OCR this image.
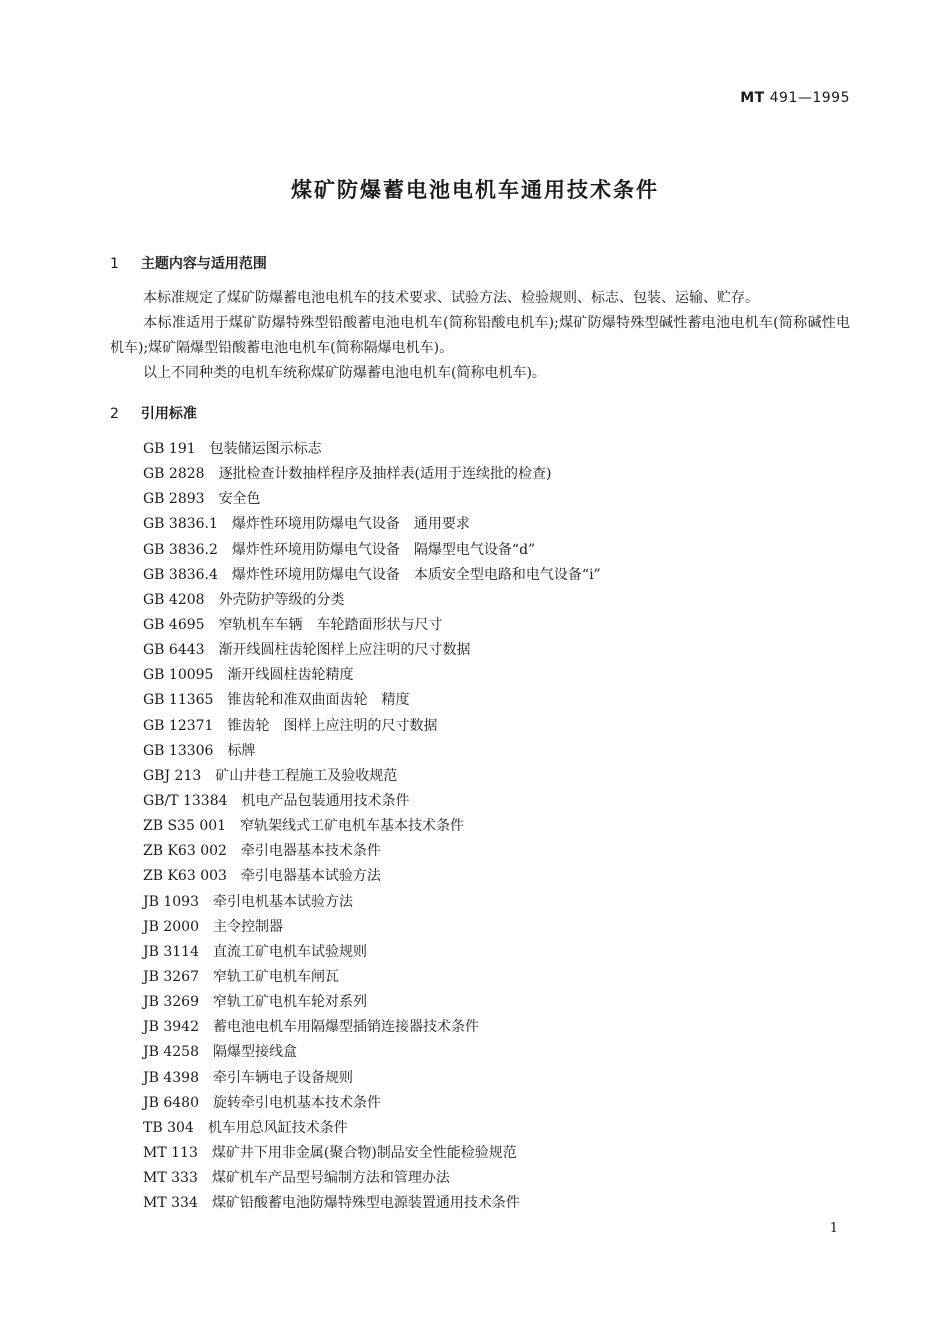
MT 491—1995
煤矿防爆蓄电池电机车通用技术条件
1 主题内容与适用范围
本标准规定了煤矿防爆蓄电池电机车的技术要求、试验方法、检验规则、标志、包装、运输、贮存。
本标准适用于煤矿防爆特殊型铅酸蓄电池电机车(简称铅酸电机车);煤矿防爆特殊型碱性蓄电池电机车(简称碱性电机车);煤矿隔爆型铅酸蓄电池电机车(简称隔爆电机车)。
以上不同种类的电机车统称煤矿防爆蓄电池电机车(简称电机车)。
2 引用标准
GB 191 包装储运图示标志
GB 2828 逐批检查计数抽样程序及抽样表(适用于连续批的检查)
GB 2893 安全色
GB 3836.1 爆炸性环境用防爆电气设备　通用要求
GB 3836.2 爆炸性环境用防爆电气设备　隔爆型电气设备“d”
GB 3836.4 爆炸性环境用防爆电气设备　本质安全型电路和电气设备“i”
GB 4208 外壳防护等级的分类
GB 4695 窄轨机车车辆　车轮踏面形状与尺寸
GB 6443 渐开线圆柱齿轮图样上应注明的尺寸数据
GB 10095 渐开线圆柱齿轮精度
GB 11365 锥齿轮和准双曲面齿轮　精度
GB 12371 锥齿轮　图样上应注明的尺寸数据
GB 13306 标牌
GBJ 213 矿山井巷工程施工及验收规范
GB/T 13384 机电产品包装通用技术条件
ZB S35 001 窄轨架线式工矿电机车基本技术条件
ZB K63 002 牵引电器基本技术条件
ZB K63 003 牵引电器基本试验方法
JB 1093 牵引电机基本试验方法
JB 2000 主令控制器
JB 3114 直流工矿电机车试验规则
JB 3267 窄轨工矿电机车闸瓦
JB 3269 窄轨工矿电机车轮对系列
JB 3942 蓄电池电机车用隔爆型插销连接器技术条件
JB 4258 隔爆型接线盒
JB 4398 牵引车辆电子设备规则
JB 6480 旋转牵引电机基本技术条件
TB 304 机车用总风缸技术条件
MT 113 煤矿井下用非金属(聚合物)制品安全性能检验规范
MT 333 煤矿机车产品型号编制方法和管理办法
MT 334 煤矿铅酸蓄电池防爆特殊型电源装置通用技术条件
1
